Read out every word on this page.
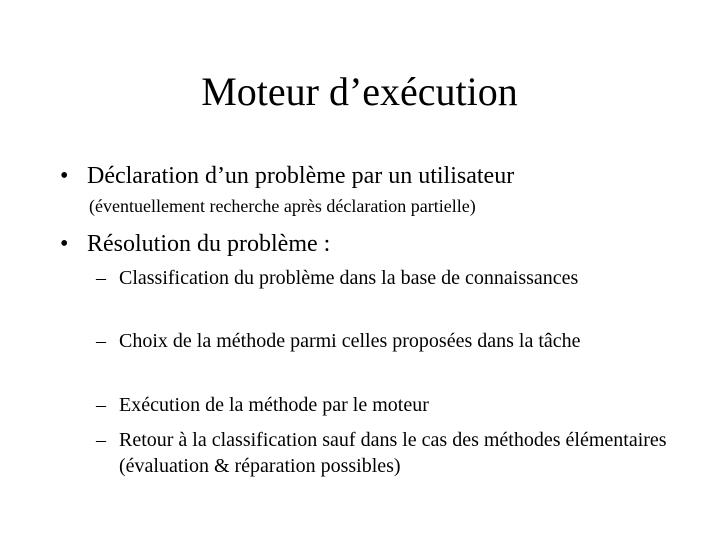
Moteur d’exécution
• Déclaration d’un problème par un utilisateur
(éventuellement recherche après déclaration partielle)
• Résolution du problème :
– Classification du problème dans la base de connaissances
– Choix de la méthode parmi celles proposées dans la tâche
– Exécution de la méthode par le moteur
– Retour à la classification sauf dans le cas des méthodes élémentaires (évaluation & réparation possibles)
